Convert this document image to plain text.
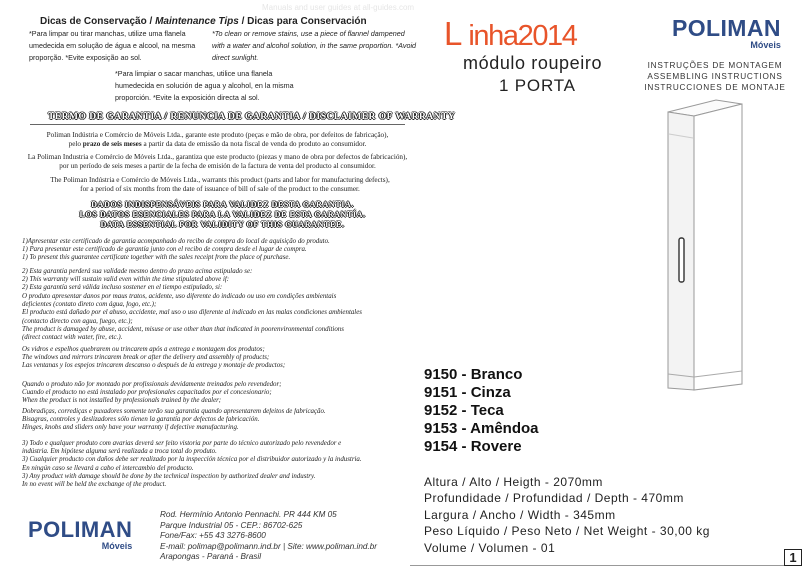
Manuals and user guides at all-guides.com
Dicas de Conservação / Maintenance Tips / Dicas para Conservación
*Para limpar ou tirar manchas, utilize uma flanela umedecida em solução de água e alcool, na mesma proporção. *Evite exposição ao sol.
*To clean or remove stains, use a piece of flannel dampened with a water and alcohol solution, in the same proportion. *Avoid direct sunlight.
*Para limpiar o sacar manchas, utilice una flanela humedecida en solución de agua y alcohol, en la misma proporción. *Evite la exposición directa al sol.
Linha2014
módulo roupeiro
1 PORTA
INSTRUÇÕES DE MONTAGEM
ASSEMBLING INSTRUCTIONS
INSTRUCCIONES DE MONTAJE
POLIMAN
Móveis
TERMO DE GARANTIA / RENUNCIA DE GARANTIA / DISCLAIMER OF WARRANTY
Poliman Indústria e Comércio de Móveis Ltda., garante este produto (peças e mão de obra, por defeitos de fabricação),
pelo prazo de seis meses a partir da data de emissão da nota fiscal de venda do produto ao consumidor.
La Poliman Industria e Comércio de Móveis Ltda., garantiza que este producto (piezas y mano de obra por defectos de fabricación),
por un período de seis meses a partir de la fecha de emisión de la factura de venta del producto al consumidor.
The Poliman Indústria e Comércio de Móveis Ltda., warrants this product (parts and labor for manufacturing defects),
for a period of six months from the date of issuance of bill of sale of the product to the consumer.
DADOS INDISPENSÁVEIS PARA VALIDEZ DESTA GARANTIA.
LOS DATOS ESENCIALES PARA LA VALIDEZ DE ESTA GARANTÍA.
DATA ESSENTIAL FOR VALIDITY OF THIS GUARANTEE.
1)Apresentar este certificado de garantia acompanhado do recibo de compra do local de aquisição do produto.
1) Para presentar este certificado de garantía junto con el recibo de compra desde el lugar de compra.
1) To present this guarantee certificate together with the sales receipt from the place of purchase.
2) Esta garantia perderá sua validade mesmo dentro do prazo acima estipulado se:
2) This warranty will sustain valid even within the time stipulated above if:
2) Esta garantía será válida incluso sostener en el tiempo estipulado, si:
O produto apresentar danos por maus tratos, acidente, uso diferente do indicado ou uso em condições ambientais
deficientes (contato direto com água, fogo, etc.);
El producto está dañado por el abuso, accidente, mal uso o uso diferente al indicado en las malas condiciones ambientales
(contacto directo con agua, fuego, etc.);
The product is damaged by abuse, accident, misuse or use other than that indicated in poorenvironmental conditions
(direct contact with water, fire, etc.).
Os vidros e espelhos quebrarem ou trincarem após a entrega e montagem dos produtos;
The windows and mirrors trincarem break or after the delivery and assembly of products;
Las ventanas y los espejos trincarem descanso o después de la entrega y montaje de productos;
Quando o produto não for montado por profissionais devidamente treinados pelo revendedor;
Cuando el producto no está instalado por profesionales capacitados por el concesionario;
When the product is not installed by professionals trained by the dealer;
Dobradiças, corrediças e puxadores somente terão sua garantia quando apresentarem defeitos de fabricação.
Bisagras, controles y deslizadores sólo tienen la garantía por defectos de fabricación.
Hinges, knobs and sliders only have your warranty if defective manufacturing.
3) Todo e qualquer produto com avarias deverá ser feito vistoria por parte do técnico autorizado pelo revendedor e
indústria. Em hipótese alguma será realizada a troca total do produto.
3) Cualquier producto con daños debe ser realizado por la inspección técnica por el distribuidor autorizado y la industria.
En ningún caso se llevará a cabo el intercambio del producto.
3) Any product with damage should be done by the technical inspection by authorized dealer and industry.
In no event will be held the exchange of the product.
POLIMAN
Móveis
Rod. Hermínio Antonio Pennachi. PR 444 KM 05
Parque Industrial 05 - CEP.: 86702-625
Fone/Fax: +55 43 3276-8600
E-mail: polimap@polimann.ind.br | Site: www.poliman.ind.br
Arapongas - Paraná - Brasil
9150 - Branco
9151 - Cinza
9152 - Teca
9153 - Amêndoa
9154 - Rovere
Altura / Alto / Heigth - 2070mm
Profundidade / Profundidad / Depth - 470mm
Largura / Ancho / Width - 345mm
Peso Líquido / Peso Neto / Net Weight - 30,00 kg
Volume / Volumen - 01
1
